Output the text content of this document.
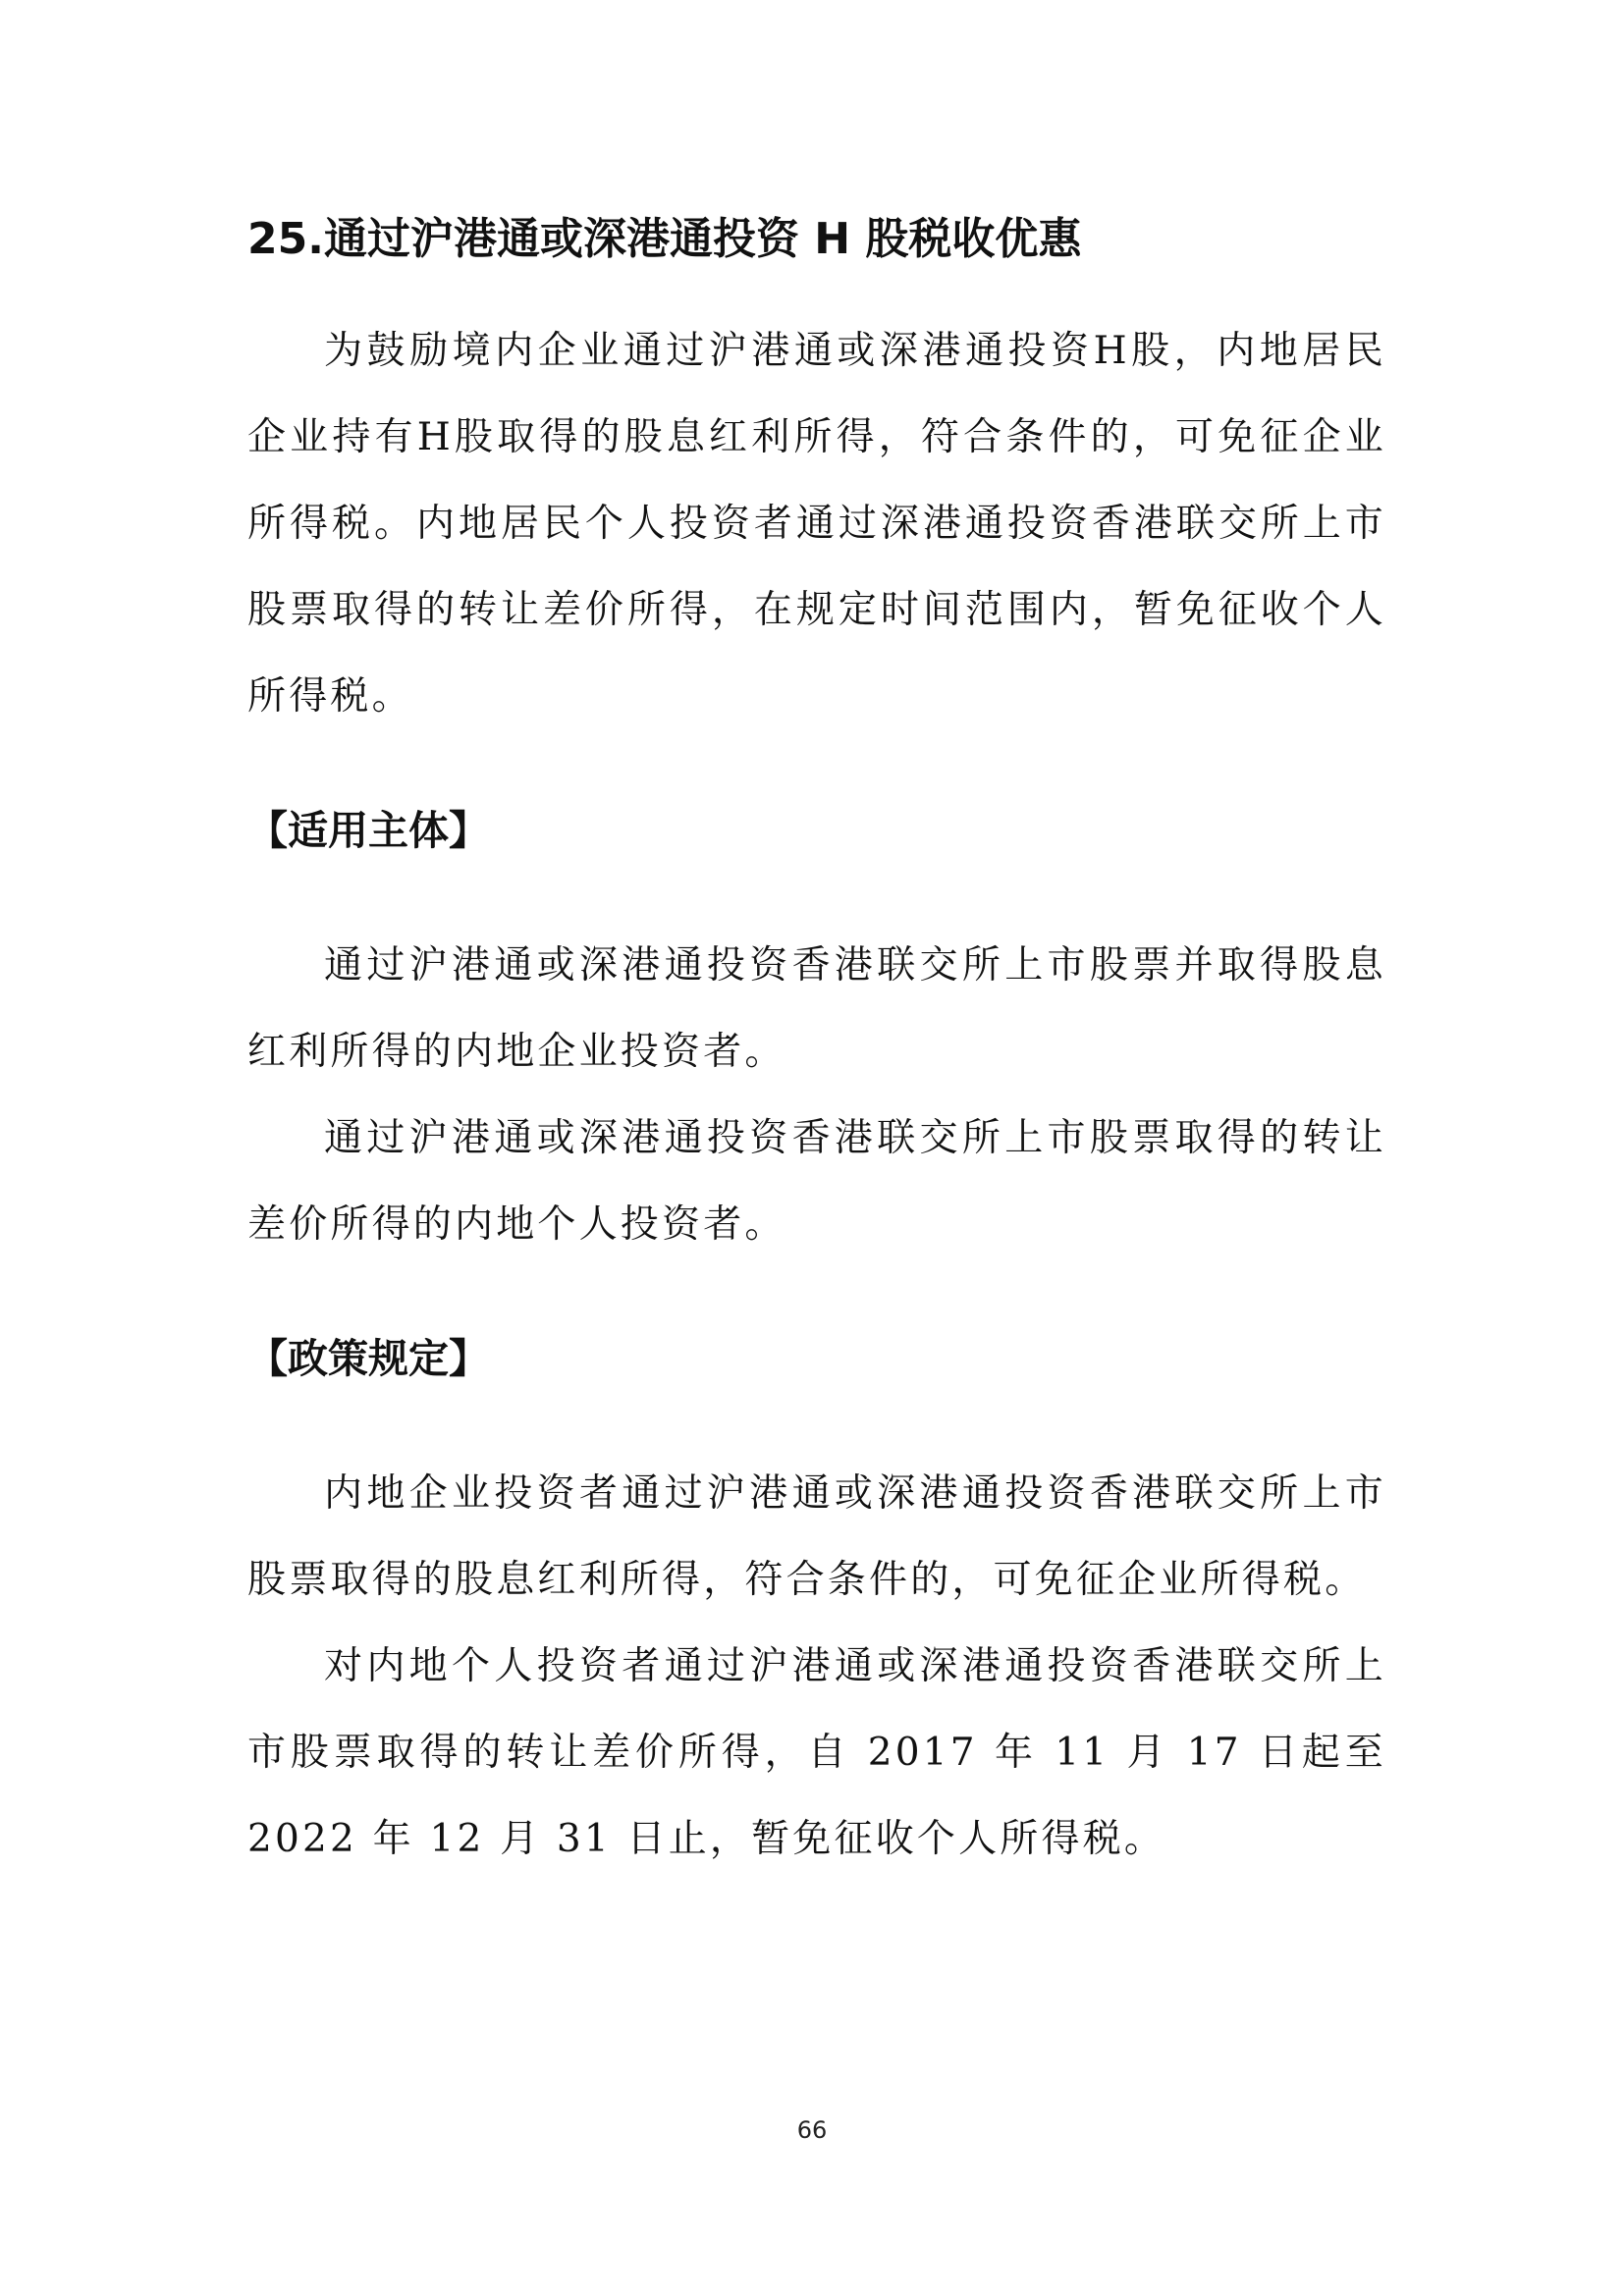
25.通过沪港通或深港通投资 H 股税收优惠

为鼓励境内企业通过沪港通或深港通投资H股，内地居民企业持有H股取得的股息红利所得，符合条件的，可免征企业所得税。内地居民个人投资者通过深港通投资香港联交所上市股票取得的转让差价所得，在规定时间范围内，暂免征收个人所得税。

【适用主体】

通过沪港通或深港通投资香港联交所上市股票并取得股息红利所得的内地企业投资者。

通过沪港通或深港通投资香港联交所上市股票取得的转让差价所得的内地个人投资者。

【政策规定】

内地企业投资者通过沪港通或深港通投资香港联交所上市股票取得的股息红利所得，符合条件的，可免征企业所得税。

对内地个人投资者通过沪港通或深港通投资香港联交所上市股票取得的转让差价所得，自 2017 年 11 月 17 日起至 2022 年 12 月 31 日止，暂免征收个人所得税。

66
